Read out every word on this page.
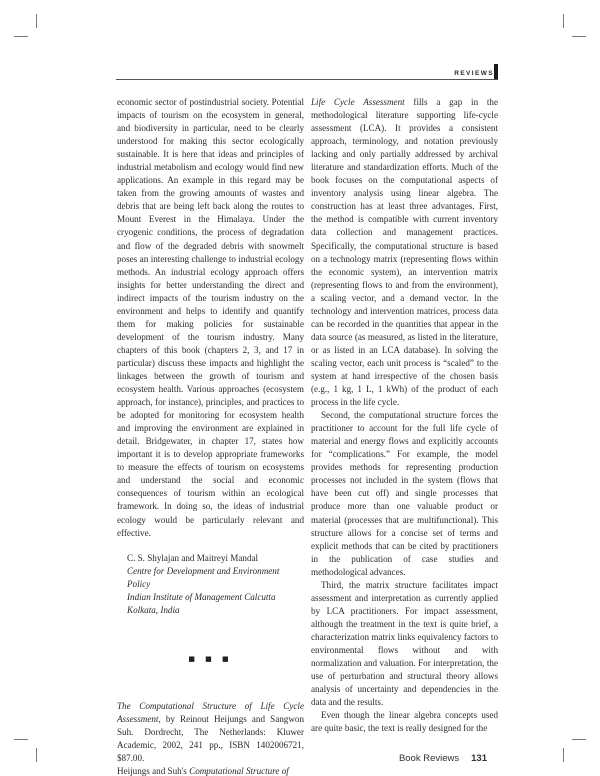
REVIEWS

economic sector of postindustrial society. Potential impacts of tourism on the ecosystem in general, and biodiversity in particular, need to be clearly understood for making this sector ecologically sustainable. It is here that ideas and principles of industrial metabolism and ecology would find new applications. An example in this regard may be taken from the growing amounts of wastes and debris that are being left back along the routes to Mount Everest in the Himalaya. Under the cryogenic conditions, the process of degradation and flow of the degraded debris with snowmelt poses an interesting challenge to industrial ecology methods. An industrial ecology approach offers insights for better understanding the direct and indirect impacts of the tourism industry on the environment and helps to identify and quantify them for making policies for sustainable development of the tourism industry. Many chapters of this book (chapters 2, 3, and 17 in particular) discuss these impacts and highlight the linkages between the growth of tourism and ecosystem health. Various approaches (ecosystem approach, for instance), principles, and practices to be adopted for monitoring for ecosystem health and improving the environment are explained in detail. Bridgewater, in chapter 17, states how important it is to develop appropriate frameworks to measure the effects of tourism on ecosystems and understand the social and economic consequences of tourism within an ecological framework. In doing so, the ideas of industrial ecology would be particularly relevant and effective.

C. S. Shylajan and Maitreyi Mandal
Centre for Development and Environment Policy
Indian Institute of Management Calcutta
Kolkata, India
■ ■ ■

The Computational Structure of Life Cycle Assessment, by Reinout Heijungs and Sangwon Suh. Dordrecht, The Netherlands: Kluwer Academic, 2002, 241 pp., ISBN 1402006721, $87.00.

Heijungs and Suh's Computational Structure of

Life Cycle Assessment fills a gap in the methodological literature supporting life-cycle assessment (LCA). It provides a consistent approach, terminology, and notation previously lacking and only partially addressed by archival literature and standardization efforts. Much of the book focuses on the computational aspects of inventory analysis using linear algebra. The construction has at least three advantages. First, the method is compatible with current inventory data collection and management practices. Specifically, the computational structure is based on a technology matrix (representing flows within the economic system), an intervention matrix (representing flows to and from the environment), a scaling vector, and a demand vector. In the technology and intervention matrices, process data can be recorded in the quantities that appear in the data source (as measured, as listed in the literature, or as listed in an LCA database). In solving the scaling vector, each unit process is “scaled” to the system at hand irrespective of the chosen basis (e.g., 1 kg, 1 L, 1 kWh) of the product of each process in the life cycle.

Second, the computational structure forces the practitioner to account for the full life cycle of material and energy flows and explicitly accounts for “complications.” For example, the model provides methods for representing production processes not included in the system (flows that have been cut off) and single processes that produce more than one valuable product or material (processes that are multifunctional). This structure allows for a concise set of terms and explicit methods that can be cited by practitioners in the publication of case studies and methodological advances.

Third, the matrix structure facilitates impact assessment and interpretation as currently applied by LCA practitioners. For impact assessment, although the treatment in the text is quite brief, a characterization matrix links equivalency factors to environmental flows without and with normalization and valuation. For interpretation, the use of perturbation and structural theory allows analysis of uncertainty and dependencies in the data and the results.

Even though the linear algebra concepts used are quite basic, the text is really designed for the

Book Reviews 131
